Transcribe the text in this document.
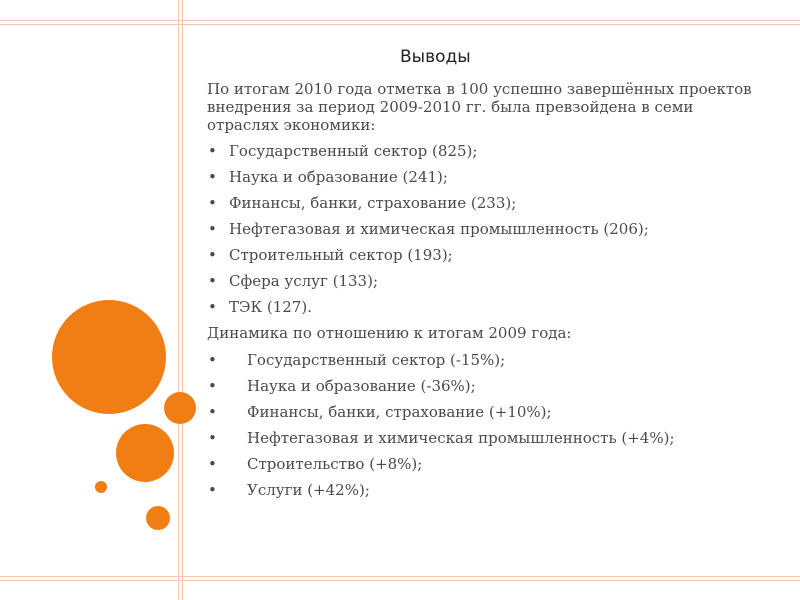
Выводы

По итогам 2010 года отметка в 100 успешно завершённых проектов внедрения за период 2009-2010 гг. была превзойдена в семи отраслях экономики:

• Государственный сектор (825);
• Наука и образование (241);
• Финансы, банки, страхование (233);
• Нефтегазовая и химическая промышленность (206);
• Строительный сектор (193);
• Сфера услуг (133);
• ТЭК (127).

Динамика по отношению к итогам 2009 года:

• Государственный сектор (-15%);
• Наука и образование (-36%);
• Финансы, банки, страхование (+10%);
• Нефтегазовая и химическая промышленность (+4%);
• Строительство (+8%);
• Услуги (+42%);
